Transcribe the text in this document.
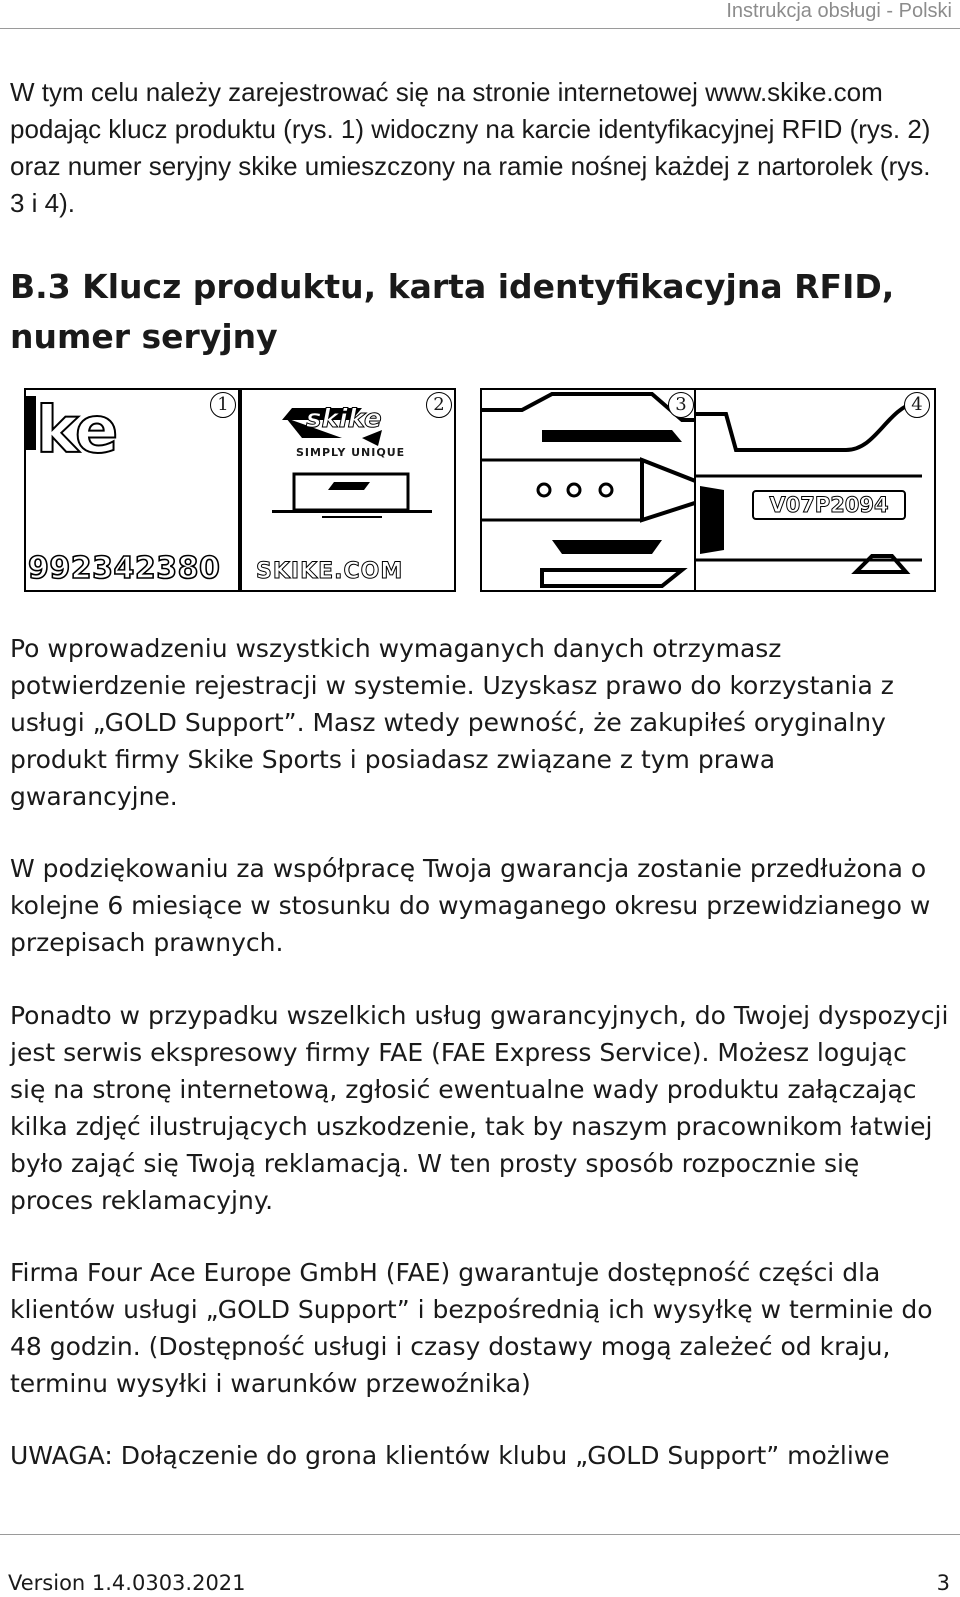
Instrukcja obsługi - Polski

W tym celu należy zarejestrować się na stronie internetowej www.skike.com podając klucz produktu (rys. 1) widoczny na karcie identyfikacyjnej RFID (rys. 2) oraz numer seryjny skike umieszczony na ramie nośnej każdej z nartorolek (rys. 3 i 4).

B.3 Klucz produktu, karta identyfikacyjna RFID, numer seryjny
ke	1
992342380
skike
SIMPLY UNIQUE
2
SKIKE.COM
3	4
V07P2094

Po wprowadzeniu wszystkich wymaganych danych otrzymasz potwierdzenie rejestracji w systemie. Uzyskasz prawo do korzystania z usługi „GOLD Support”. Masz wtedy pewność, że zakupiłeś oryginalny produkt firmy Skike Sports i posiadasz związane z tym prawa gwarancyjne.

W podziękowaniu za współpracę Twoja gwarancja zostanie przedłużona o kolejne 6 miesiące w stosunku do wymaganego okresu przewidzianego w przepisach prawnych.

Ponadto w przypadku wszelkich usług gwarancyjnych, do Twojej dyspozycji jest serwis ekspresowy firmy FAE (FAE Express Service). Możesz logując się na stronę internetową, zgłosić ewentualne wady produktu załączając kilka zdjęć ilustrujących uszkodzenie, tak by naszym pracownikom łatwiej było zająć się Twoją reklamacją. W ten prosty sposób rozpocznie się proces reklamacyjny.

Firma Four Ace Europe GmbH (FAE) gwarantuje dostępność części dla klientów usługi „GOLD Support” i bezpośrednią ich wysyłkę w terminie do 48 godzin. (Dostępność usługi i czasy dostawy mogą zależeć od kraju, terminu wysyłki i warunków przewoźnika)

UWAGA: Dołączenie do grona klientów klubu „GOLD Support” możliwe

Version 1.4.0303.2021	3
